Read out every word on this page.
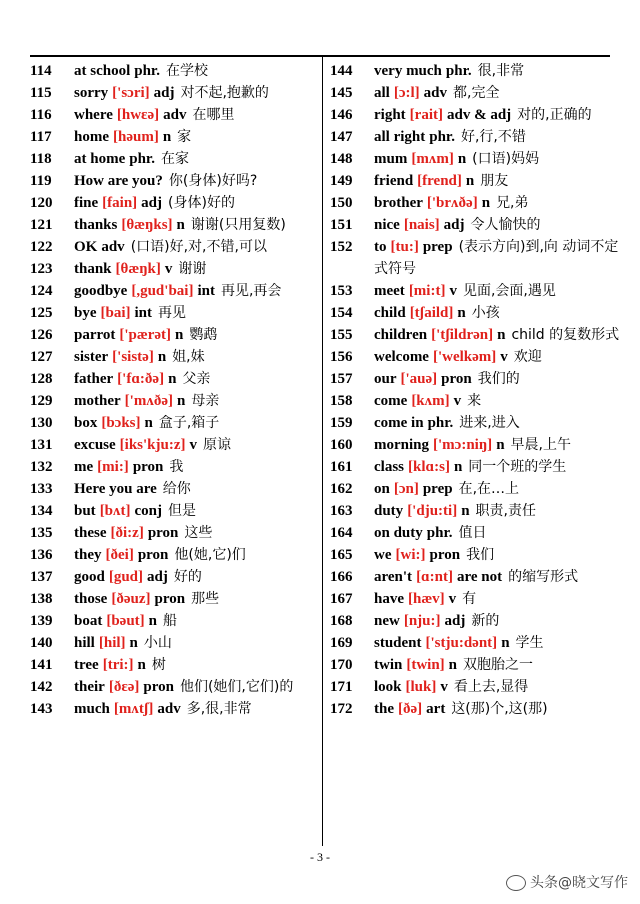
114	at school phr. 在学校
115	sorry ['sɔri] adj 对不起,抱歉的
116	where [hwɛə] adv 在哪里
117	home [həum] n 家
118	at home phr. 在家
119	How are you? 你(身体)好吗?
120	fine [fain] adj (身体)好的
121	thanks [θæŋks] n 谢谢(只用复数)
122	OK adv (口语)好,对,不错,可以
123	thank [θæŋk] v 谢谢
124	goodbye [,gud'bai] int 再见,再会
125	bye [bai] int 再见
126	parrot ['pærət] n 鹦鹉
127	sister ['sistə] n 姐,妹
128	father ['fɑ:ðə] n 父亲
129	mother ['mʌðə] n 母亲
130	box [bɔks] n 盒子,箱子
131	excuse [iks'kju:z] v 原谅
132	me [mi:] pron 我
133	Here you are 给你
134	but [bʌt] conj 但是
135	these [ði:z] pron 这些
136	they [ðei] pron 他(她,它)们
137	good [gud] adj 好的
138	those [ðəuz] pron 那些
139	boat [bəut] n 船
140	hill [hil] n 小山
141	tree [tri:] n 树
142	their [ðɛə] pron 他们(她们,它们)的
143	much [mʌtʃ] adv 多,很,非常
144	very much phr. 很,非常
145	all [ɔ:l] adv 都,完全
146	right [rait] adv & adj 对的,正确的
147	all right phr. 好,行,不错
148	mum [mʌm] n (口语)妈妈
149	friend [frend] n 朋友
150	brother ['brʌðə] n 兄,弟
151	nice [nais] adj 令人愉快的
152	to [tu:] prep (表示方向)到,向 动词不定式符号
153	meet [mi:t] v 见面,会面,遇见
154	child [tʃaild] n 小孩
155	children ['tʃildrən] n child 的复数形式
156	welcome ['welkəm] v 欢迎
157	our ['auə] pron 我们的
158	come [kʌm] v 来
159	come in phr. 进来,进入
160	morning ['mɔ:niŋ] n 早晨,上午
161	class [klɑ:s] n 同一个班的学生
162	on [ɔn] prep 在,在…上
163	duty ['dju:ti] n 职责,责任
164	on duty phr. 值日
165	we [wi:] pron 我们
166	aren't [ɑ:nt] are not 的缩写形式
167	have [hæv] v 有
168	new [nju:] adj 新的
169	student ['stju:dənt] n 学生
170	twin [twin] n 双胞胎之一
171	look [luk] v 看上去,显得
172	the [ðə] art 这(那)个,这(那)
- 3 -
头条@晓文写作
